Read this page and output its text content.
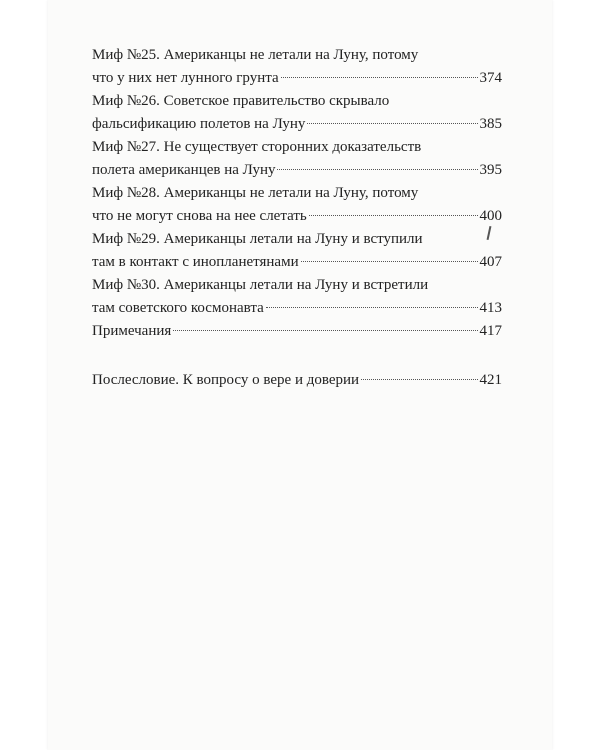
Миф №25. Американцы не летали на Луну, потому
что у них нет лунного грунта	374
Миф №26. Советское правительство скрывало
фальсификацию полетов на Луну	385
Миф №27. Не существует сторонних доказательств
полета американцев на Луну	395
Миф №28. Американцы не летали на Луну, потому
что не могут снова на нее слетать	400
Миф №29. Американцы летали на Луну и вступили
там в контакт с инопланетянами	407
Миф №30. Американцы летали на Луну и встретили
там советского космонавта	413
Примечания	417
Послесловие. К вопросу о вере и доверии	421
